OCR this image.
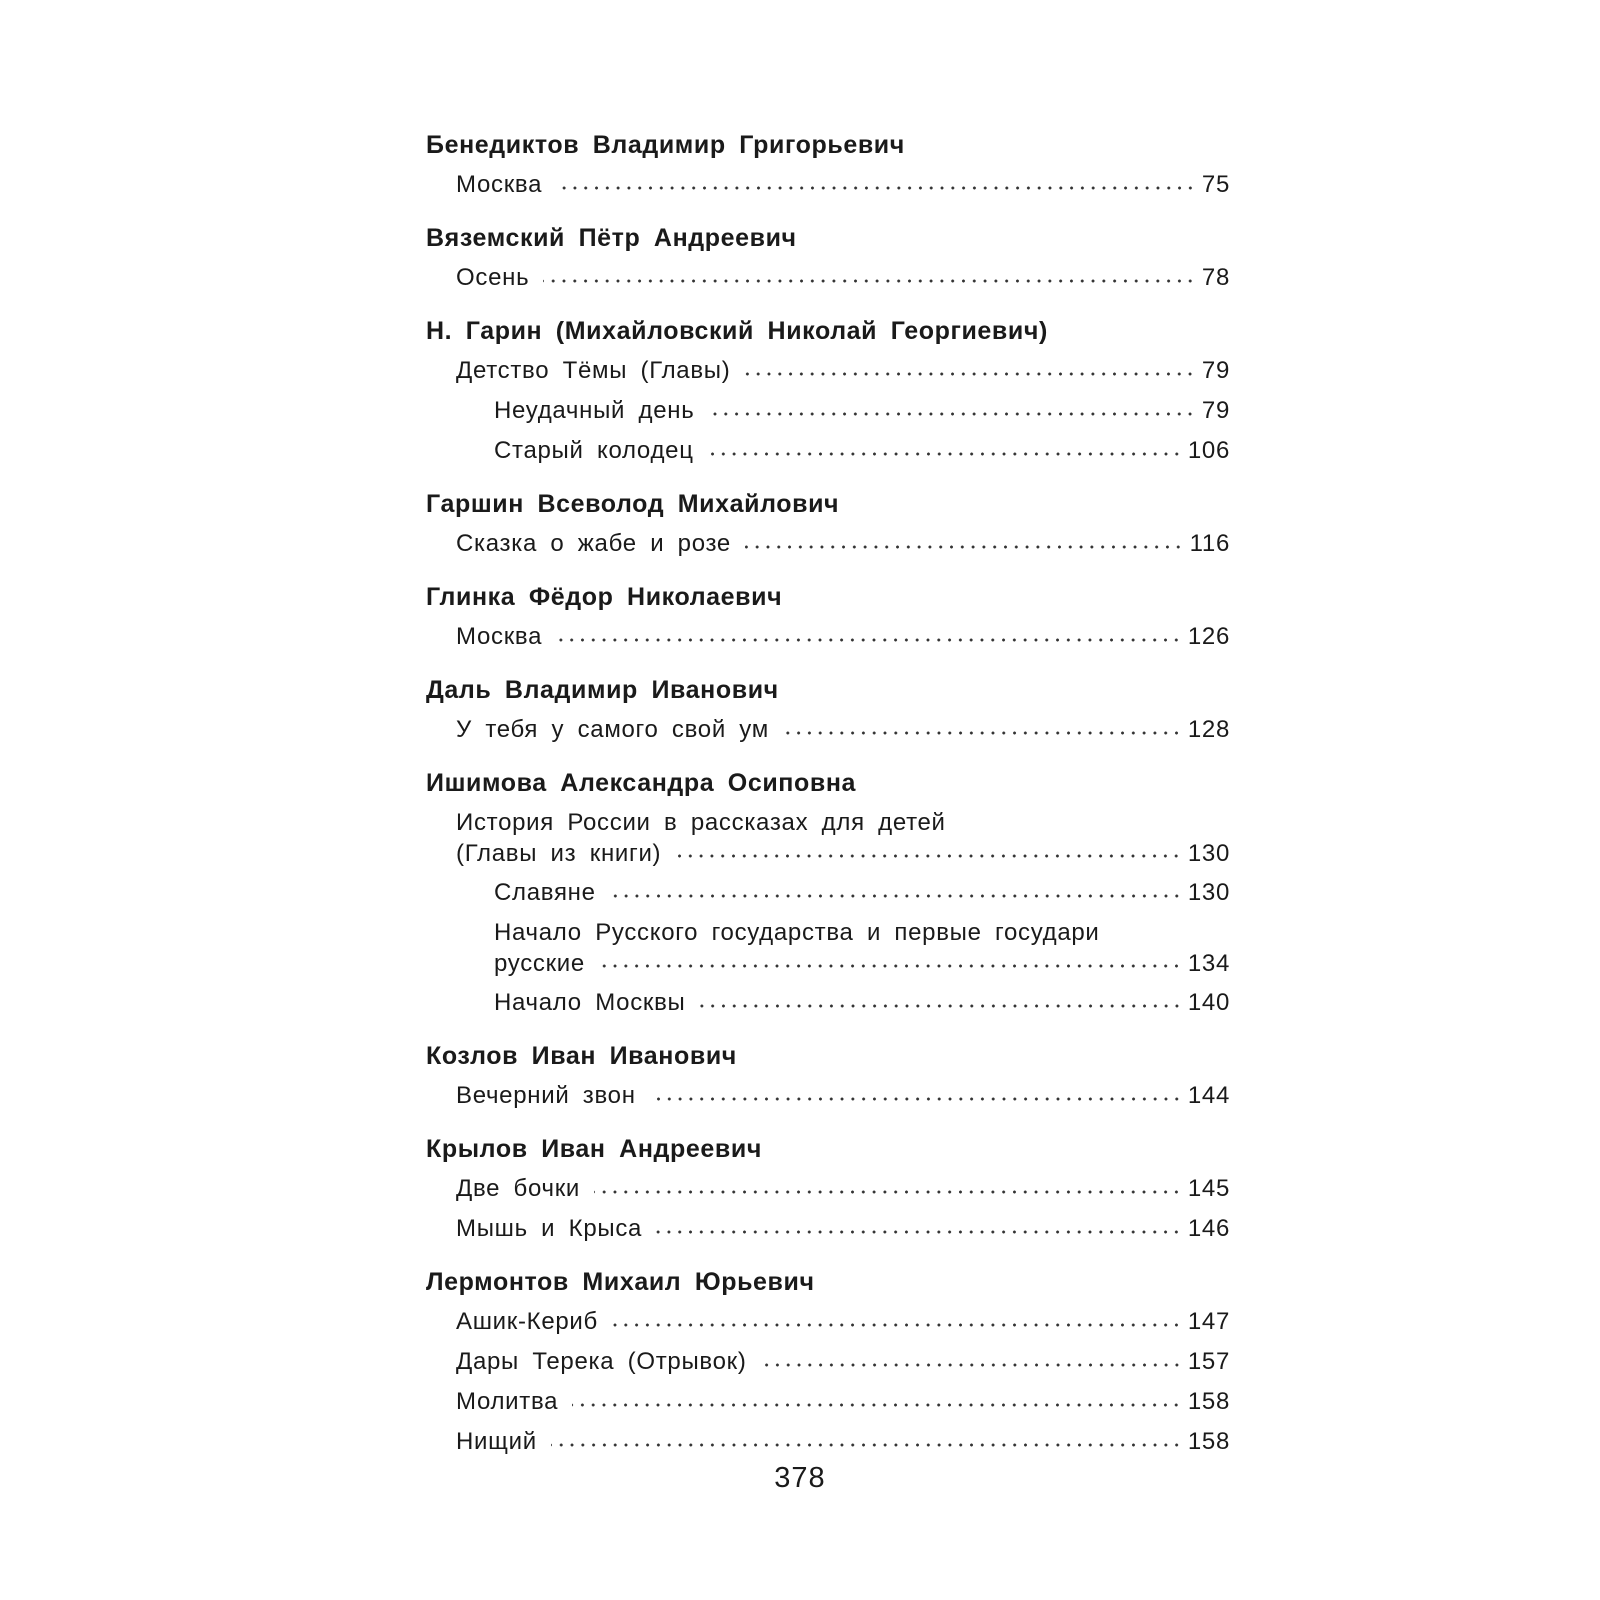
Бенедиктов Владимир Григорьевич
Москва	75
Вяземский Пётр Андреевич
Осень	78
Н. Гарин (Михайловский Николай Георгиевич)
Детство Тёмы (Главы)	79
Неудачный день	79
Старый колодец	106
Гаршин Всеволод Михайлович
Сказка о жабе и розе	116
Глинка Фёдор Николаевич
Москва	126
Даль Владимир Иванович
У тебя у самого свой ум	128
Ишимова Александра Осиповна
История России в рассказах для детей
(Главы из книги)	130
Славяне	130
Начало Русского государства и первые государи
русские	134
Начало Москвы	140
Козлов Иван Иванович
Вечерний звон	144
Крылов Иван Андреевич
Две бочки	145
Мышь и Крыса	146
Лермонтов Михаил Юрьевич
Ашик-Кериб	147
Дары Терека (Отрывок)	157
Молитва	158
Нищий	158
378
